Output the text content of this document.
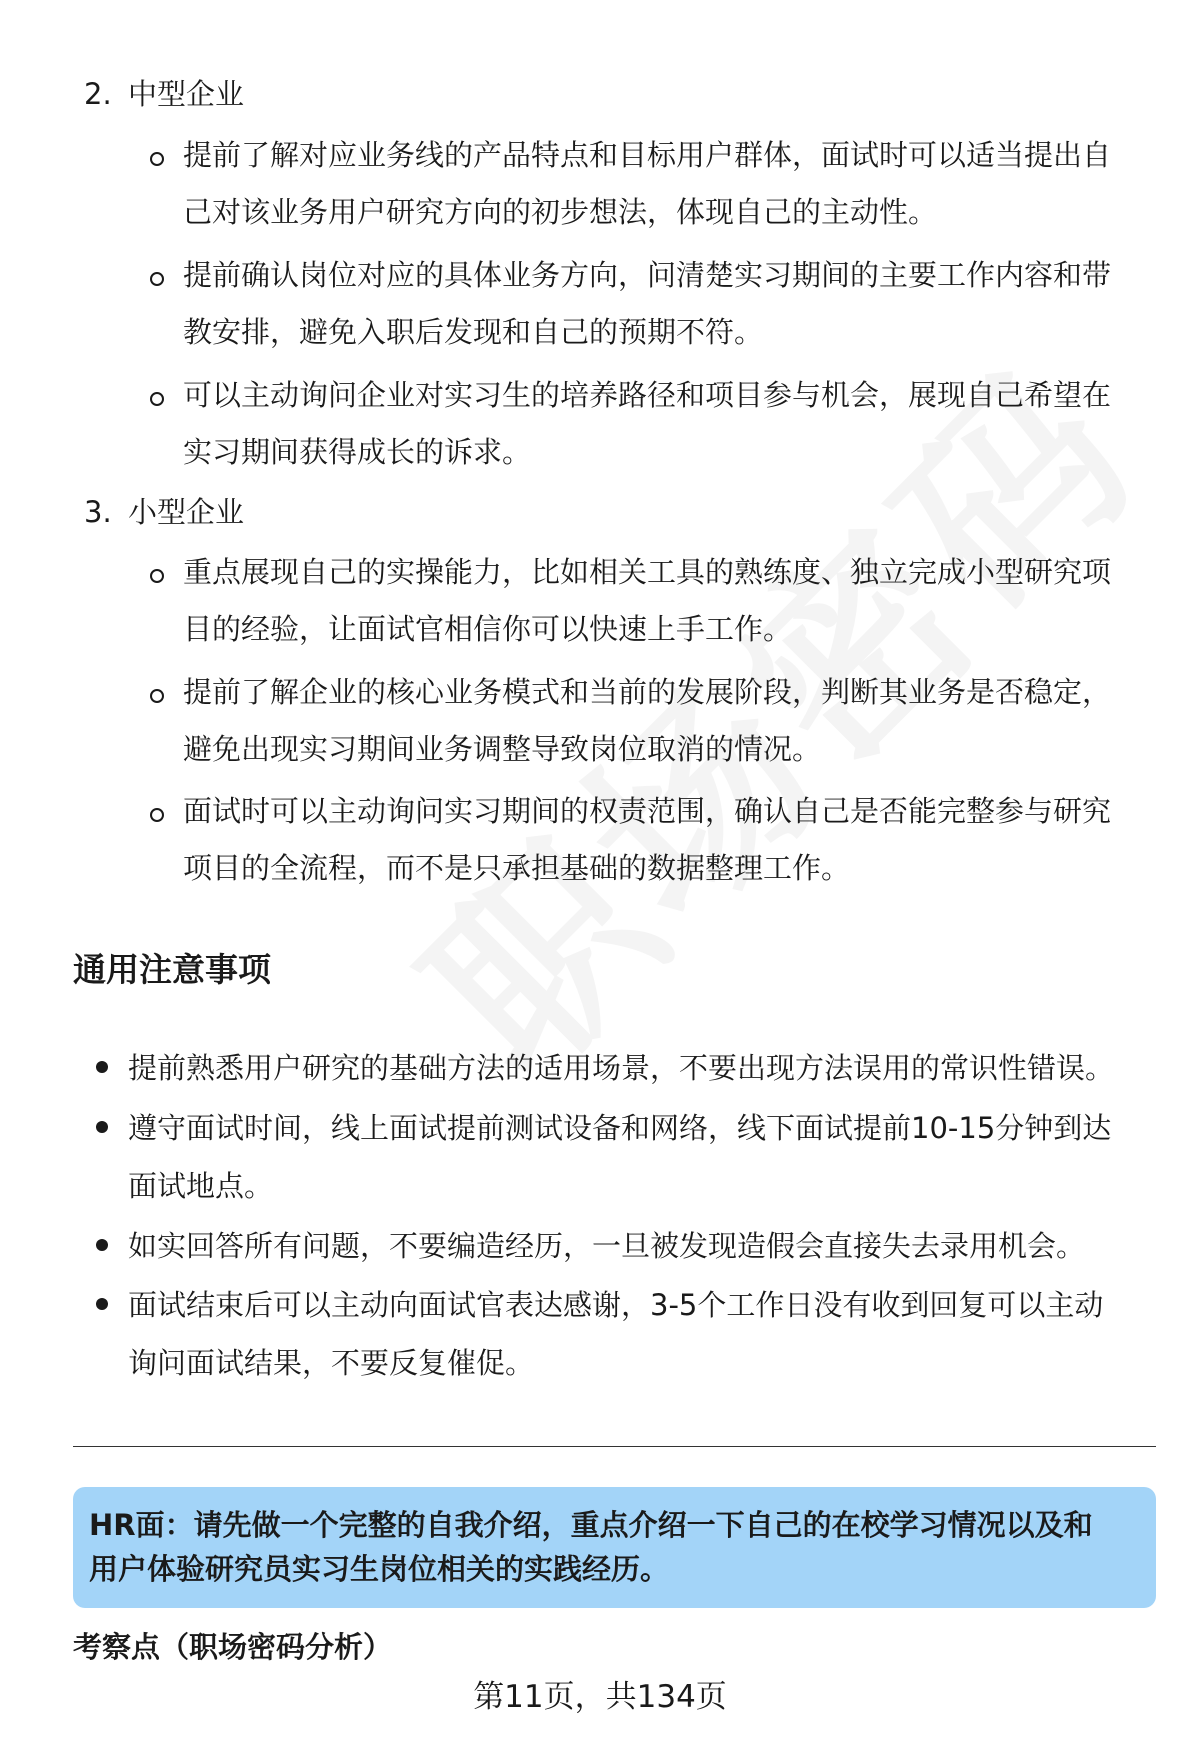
2. 中型企业
提前了解对应业务线的产品特点和目标用户群体，面试时可以适当提出自
己对该业务用户研究方向的初步想法，体现自己的主动性。
提前确认岗位对应的具体业务方向，问清楚实习期间的主要工作内容和带
教安排，避免入职后发现和自己的预期不符。
可以主动询问企业对实习生的培养路径和项目参与机会，展现自己希望在
实习期间获得成长的诉求。
3. 小型企业
重点展现自己的实操能力，比如相关工具的熟练度、独立完成小型研究项
目的经验，让面试官相信你可以快速上手工作。
提前了解企业的核心业务模式和当前的发展阶段，判断其业务是否稳定，
避免出现实习期间业务调整导致岗位取消的情况。
面试时可以主动询问实习期间的权责范围，确认自己是否能完整参与研究
项目的全流程，而不是只承担基础的数据整理工作。
通用注意事项
提前熟悉用户研究的基础方法的适用场景，不要出现方法误用的常识性错误。
遵守面试时间，线上面试提前测试设备和网络，线下面试提前10-15分钟到达
面试地点。
如实回答所有问题，不要编造经历，一旦被发现造假会直接失去录用机会。
面试结束后可以主动向面试官表达感谢，3-5个工作日没有收到回复可以主动
询问面试结果，不要反复催促。
HR面：请先做一个完整的自我介绍，重点介绍一下自己的在校学习情况以及和
用户体验研究员实习生岗位相关的实践经历。
考察点（职场密码分析）
第11页，共134页
